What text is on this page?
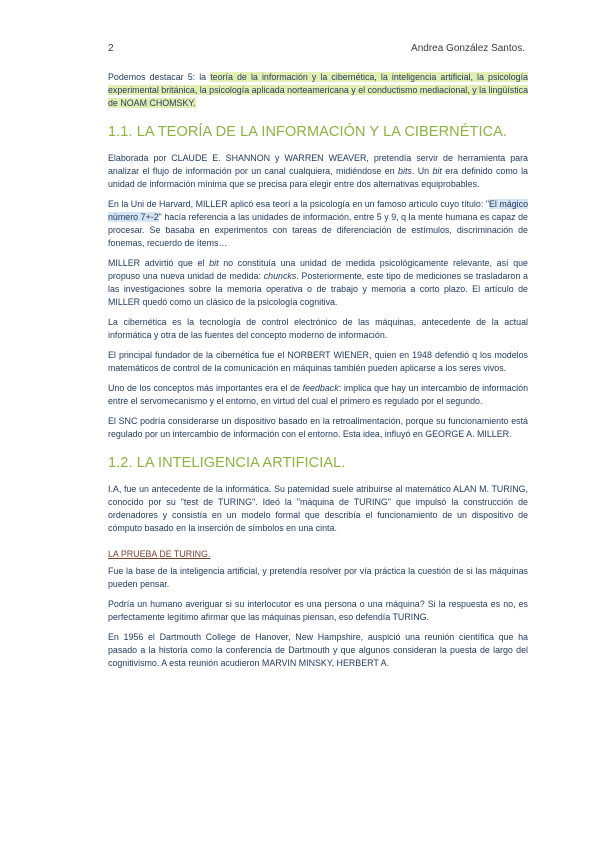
2	Andrea González Santos.

Podemos destacar 5: la teoría de la información y la cibernética, la inteligencia artificial, la psicología experimental británica, la psicología aplicada norteamericana y el conductismo mediacional, y la lingüística de NOAM CHOMSKY.

1.1. LA TEORÍA DE LA INFORMACIÓN Y LA CIBERNÉTICA.

Elaborada por CLAUDE E. SHANNON y WARREN WEAVER, pretendía servir de herramienta para analizar el flujo de información por un canal cualquiera, midiéndose en bits. Un bit era definido como la unidad de información mínima que se precisa para elegir entre dos alternativas equiprobables.

En la Uni de Harvard, MILLER aplicó esa teorí a la psicología en un famoso artículo cuyo título: "El mágico número 7+-2" hacía referencia a las unidades de información, entre 5 y 9, q la mente humana es capaz de procesar. Se basaba en experimentos con tareas de diferenciación de estímulos, discriminación de fonemas, recuerdo de ítems…

MILLER advirtió que el bit no constituía una unidad de medida psicológicamente relevante, así que propuso una nueva unidad de medida: chuncks. Posteriormente, este tipo de mediciones se trasladaron a las investigaciones sobre la memoria operativa o de trabajo y memoria a corto plazo. El artículo de MILLER quedó como un clásico de la psicología cognitiva.

La cibernética es la tecnología de control electrónico de las máquinas, antecedente de la actual informática y otra de las fuentes del concepto moderno de información.

El principal fundador de la cibernética fue el NORBERT WIENER, quien en 1948 defendió q los modelos matemáticos de control de la comunicación en máquinas también pueden aplicarse a los seres vivos.

Uno de los conceptos más importantes era el de feedback: implica que hay un intercambio de información entre el servomecanismo y el entorno, en virtud del cual el primero es regulado por el segundo.

El SNC podría considerarse un dispositivo basado en la retroalimentación, porque su funcionamiento está regulado por un intercambio de información con el entorno. Esta idea, influyó en GEORGE A. MILLER.

1.2. LA INTELIGENCIA ARTIFICIAL.

I.A, fue un antecedente de la informática. Su paternidad suele atribuirse al matemático ALAN M. TURING, conocido por su "test de TURING". Ideó la "máquina de TURING" que impulsó la construcción de ordenadores y consistía en un modelo formal que describía el funcionamiento de un dispositivo de cómputo basado en la inserción de símbolos en una cinta.

LA PRUEBA DE TURING.

Fue la base de la inteligencia artificial, y pretendía resolver por vía práctica la cuestión de si las máquinas pueden pensar.

Podría un humano averiguar si su interlocutor es una persona o una máquina? Si la respuesta es no, es perfectamente legítimo afirmar que las máquinas piensan, eso defendía TURING.

En 1956 el Dartmouth College de Hanover, New Hampshire, auspició una reunión científica que ha pasado a la historia como la conferencia de Dartmouth y que algunos consideran la puesta de largo del cognitivismo. A esta reunión acudieron MARVIN MINSKY, HERBERT A.
